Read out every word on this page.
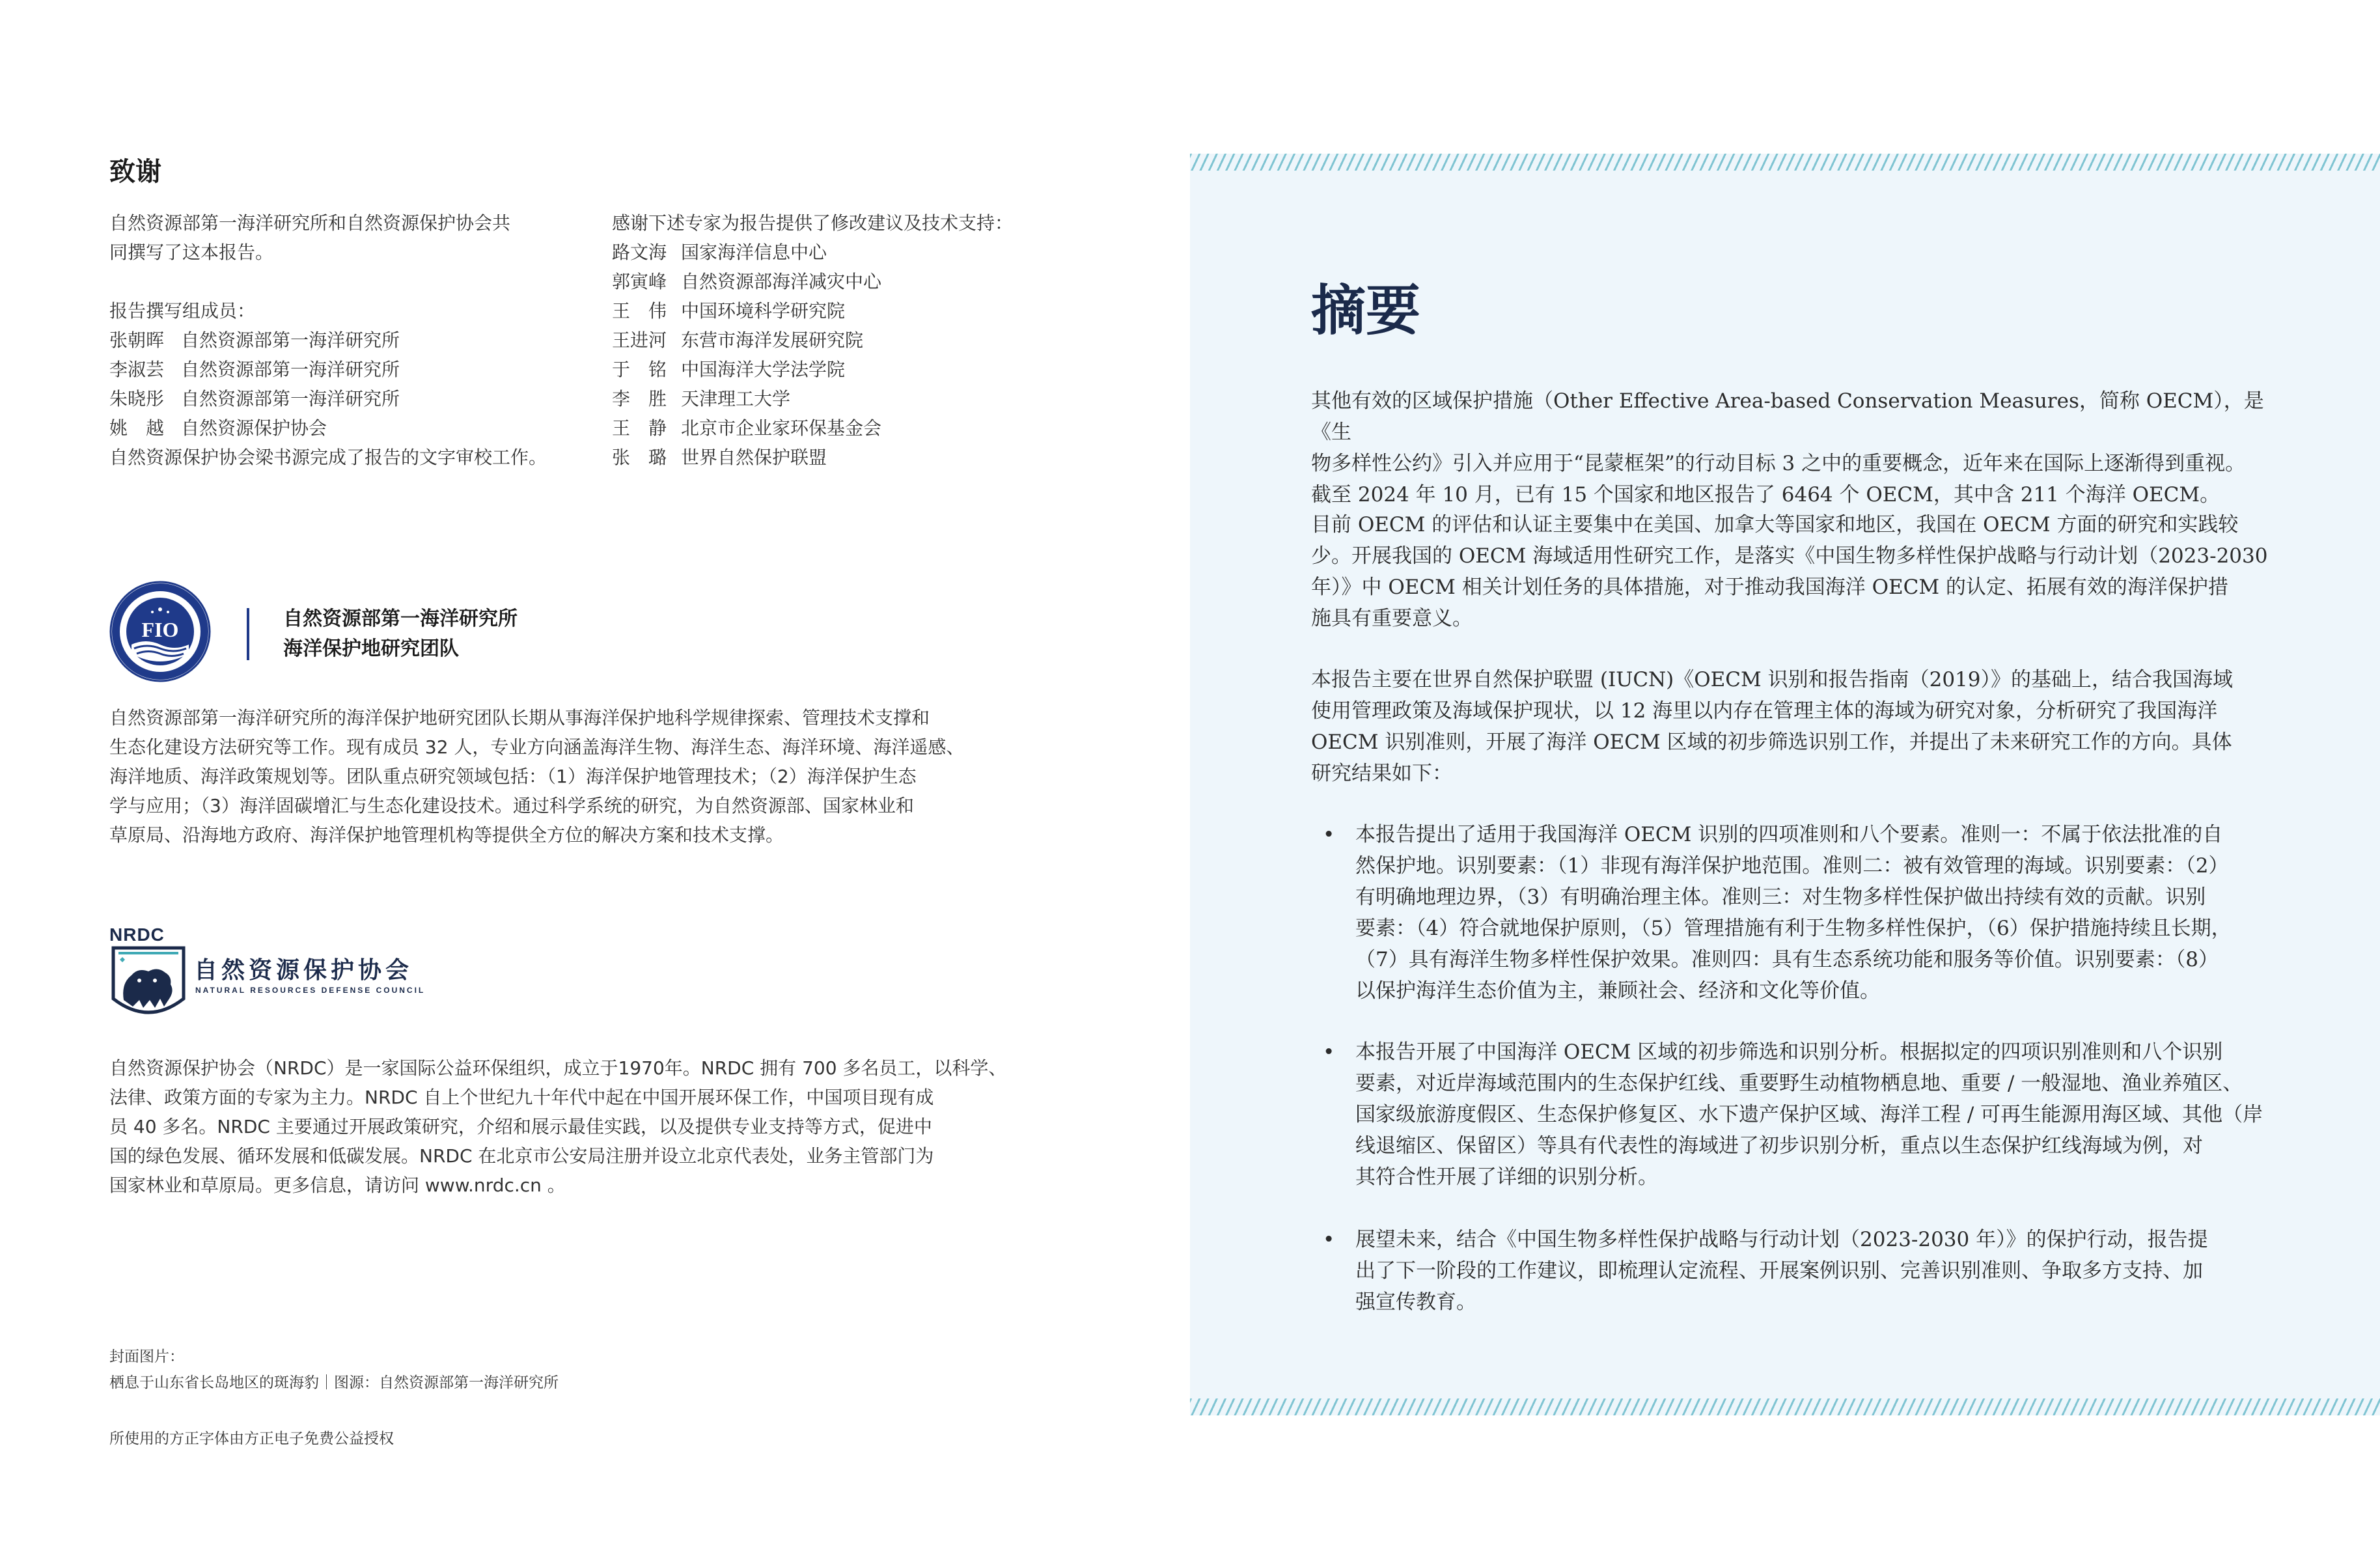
致谢
自然资源部第一海洋研究所和自然资源保护协会共
同撰写了这本报告。
报告撰写组成员：
张朝晖 自然资源部第一海洋研究所
李淑芸 自然资源部第一海洋研究所
朱晓彤 自然资源部第一海洋研究所
姚　越 自然资源保护协会
自然资源保护协会梁书源完成了报告的文字审校工作。
感谢下述专家为报告提供了修改建议及技术支持：
路文海 国家海洋信息中心
郭寅峰 自然资源部海洋减灾中心
王　伟 中国环境科学研究院
王进河 东营市海洋发展研究院
于　铭 中国海洋大学法学院
李　胜 天津理工大学
王　静 北京市企业家环保基金会
张　璐 世界自然保护联盟
FIO	自然资源部第一海洋研究所
海洋保护地研究团队
自然资源部第一海洋研究所的海洋保护地研究团队长期从事海洋保护地科学规律探索、管理技术支撑和
生态化建设方法研究等工作。现有成员 32 人，专业方向涵盖海洋生物、海洋生态、海洋环境、海洋遥感、
海洋地质、海洋政策规划等。团队重点研究领域包括：（1）海洋保护地管理技术；（2）海洋保护生态
学与应用；（3）海洋固碳增汇与生态化建设技术。通过科学系统的研究，为自然资源部、国家林业和
草原局、沿海地方政府、海洋保护地管理机构等提供全方位的解决方案和技术支撑。
NRDC
自然资源保护协会
NATURAL RESOURCES DEFENSE COUNCIL
自然资源保护协会（NRDC）是一家国际公益环保组织，成立于1970年。NRDC 拥有 700 多名员工，以科学、
法律、政策方面的专家为主力。NRDC 自上个世纪九十年代中起在中国开展环保工作，中国项目现有成
员 40 多名。NRDC 主要通过开展政策研究，介绍和展示最佳实践，以及提供专业支持等方式，促进中
国的绿色发展、循环发展和低碳发展。NRDC 在北京市公安局注册并设立北京代表处，业务主管部门为
国家林业和草原局。更多信息，请访问 www.nrdc.cn 。
封面图片：
栖息于山东省长岛地区的斑海豹｜图源：自然资源部第一海洋研究所
所使用的方正字体由方正电子免费公益授权
摘要
其他有效的区域保护措施（Other Effective Area-based Conservation Measures，简称 OECM），是《生
物多样性公约》引入并应用于“昆蒙框架”的行动目标 3 之中的重要概念，近年来在国际上逐渐得到重视。
截至 2024 年 10 月，已有 15 个国家和地区报告了 6464 个 OECM，其中含 211 个海洋 OECM。
目前 OECM 的评估和认证主要集中在美国、加拿大等国家和地区，我国在 OECM 方面的研究和实践较
少。开展我国的 OECM 海域适用性研究工作，是落实《中国生物多样性保护战略与行动计划（2023-2030
年）》中 OECM 相关计划任务的具体措施，对于推动我国海洋 OECM 的认定、拓展有效的海洋保护措
施具有重要意义。
本报告主要在世界自然保护联盟 (IUCN)《OECM 识别和报告指南（2019）》的基础上，结合我国海域
使用管理政策及海域保护现状，以 12 海里以内存在管理主体的海域为研究对象，分析研究了我国海洋
OECM 识别准则，开展了海洋 OECM 区域的初步筛选识别工作，并提出了未来研究工作的方向。具体
研究结果如下：
• 本报告提出了适用于我国海洋 OECM 识别的四项准则和八个要素。准则一：不属于依法批准的自
然保护地。识别要素：（1）非现有海洋保护地范围。准则二：被有效管理的海域。识别要素：（2）
有明确地理边界，（3）有明确治理主体。准则三：对生物多样性保护做出持续有效的贡献。识别
要素：（4）符合就地保护原则，（5）管理措施有利于生物多样性保护，（6）保护措施持续且长期，
（7）具有海洋生物多样性保护效果。准则四：具有生态系统功能和服务等价值。识别要素：（8）
以保护海洋生态价值为主，兼顾社会、经济和文化等价值。
• 本报告开展了中国海洋 OECM 区域的初步筛选和识别分析。根据拟定的四项识别准则和八个识别
要素，对近岸海域范围内的生态保护红线、重要野生动植物栖息地、重要 / 一般湿地、渔业养殖区、
国家级旅游度假区、生态保护修复区、水下遗产保护区域、海洋工程 / 可再生能源用海区域、其他（岸
线退缩区、保留区）等具有代表性的海域进了初步识别分析，重点以生态保护红线海域为例，对
其符合性开展了详细的识别分析。
• 展望未来，结合《中国生物多样性保护战略与行动计划（2023-2030 年）》的保护行动，报告提
出了下一阶段的工作建议，即梳理认定流程、开展案例识别、完善识别准则、争取多方支持、加
强宣传教育。
